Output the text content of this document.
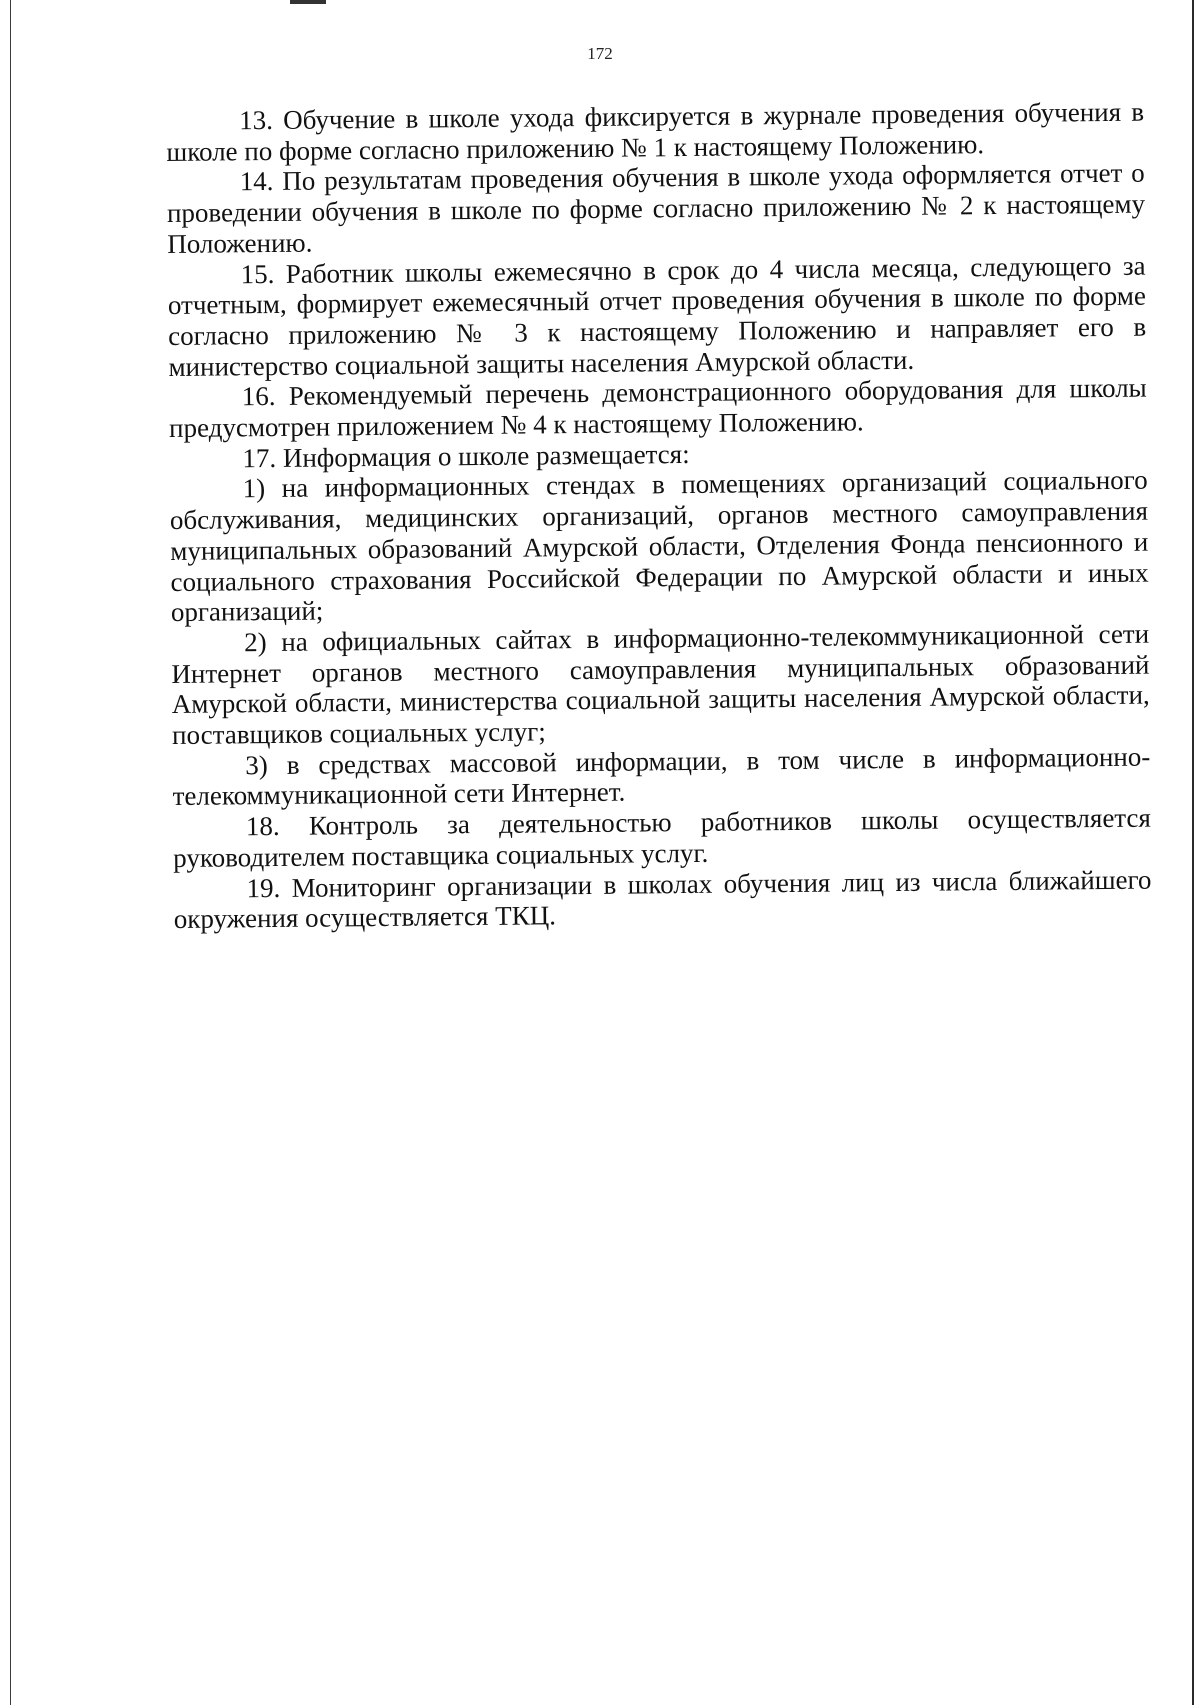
172

13. Обучение в школе ухода фиксируется в журнале проведения обучения в школе по форме согласно приложению № 1 к настоящему Положению.

14. По результатам проведения обучения в школе ухода оформляется отчет о проведении обучения в школе по форме согласно приложению № 2 к настоящему Положению.

15. Работник школы ежемесячно в срок до 4 числа месяца, следующего за отчетным, формирует ежемесячный отчет проведения обучения в школе по форме согласно приложению № 3 к настоящему Положению и направляет его в министерство социальной защиты населения Амурской области.

16. Рекомендуемый перечень демонстрационного оборудования для школы предусмотрен приложением № 4 к настоящему Положению.

17. Информация о школе размещается:

1) на информационных стендах в помещениях организаций социального обслуживания, медицинских организаций, органов местного самоуправления муниципальных образований Амурской области, Отделения Фонда пенсионного и социального страхования Российской Федерации по Амурской области и иных организаций;

2) на официальных сайтах в информационно-телекоммуникационной сети Интернет органов местного самоуправления муниципальных образований Амурской области, министерства социальной защиты населения Амурской области, поставщиков социальных услуг;

3) в средствах массовой информации, в том числе в информационно-телекоммуникационной сети Интернет.

18. Контроль за деятельностью работников школы осуществляется руководителем поставщика социальных услуг.

19. Мониторинг организации в школах обучения лиц из числа ближайшего окружения осуществляется ТКЦ.
